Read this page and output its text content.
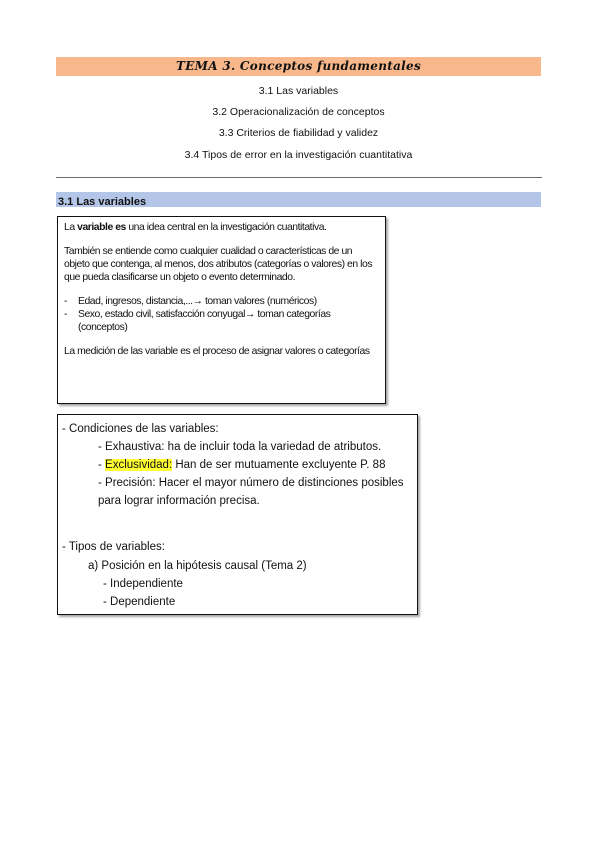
TEMA 3. Conceptos fundamentales
3.1 Las variables
3.2 Operacionalización de conceptos
3.3 Criterios de fiabilidad y validez
3.4 Tipos de error en la investigación cuantitativa
3.1 Las variables

La variable es una idea central en la investigación cuantitativa.

También se entiende como cualquier cualidad o características de un objeto que contenga, al menos, dos atributos (categorías o valores) en los que pueda clasificarse un objeto o evento determinado.

-	Edad, ingresos, distancia,...→ toman valores (numéricos)
-	Sexo, estado civil, satisfacción conyugal→ toman categorías (conceptos)

La medición de las variable es el proceso de asignar valores o categorías

- Condiciones de las variables:
- Exhaustiva: ha de incluir toda la variedad de atributos.
- Exclusividad: Han de ser mutuamente excluyente P. 88
- Precisión: Hacer el mayor número de distinciones posibles
para lograr información precisa.
- Tipos de variables:
a) Posición en la hipótesis causal (Tema 2)
- Independiente
- Dependiente
